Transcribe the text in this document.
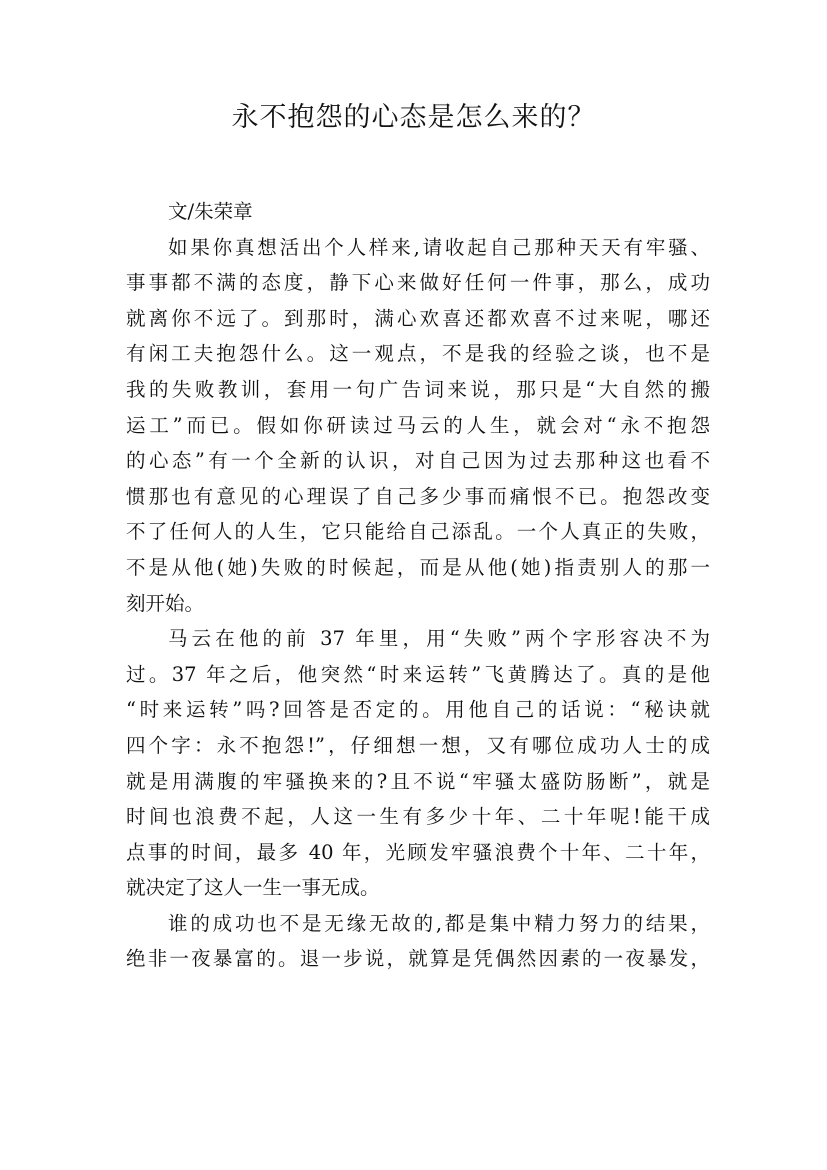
永不抱怨的心态是怎么来的？
文/朱荣章
如果你真想活出个人样来,请收起自己那种天天有牢骚、
事事都不满的态度，静下心来做好任何一件事，那么，成功
就离你不远了。到那时，满心欢喜还都欢喜不过来呢，哪还
有闲工夫抱怨什么。这一观点，不是我的经验之谈，也不是
我的失败教训，套用一句广告词来说，那只是“大自然的搬
运工”而已。假如你研读过马云的人生，就会对“永不抱怨
的心态”有一个全新的认识，对自己因为过去那种这也看不
惯那也有意见的心理误了自己多少事而痛恨不已。抱怨改变
不了任何人的人生，它只能给自己添乱。一个人真正的失败，
不是从他(她)失败的时候起，而是从他(她)指责别人的那一
刻开始。
马云在他的前 37 年里，用“失败”两个字形容决不为
过。37 年之后，他突然“时来运转”飞黄腾达了。真的是他
“时来运转”吗?回答是否定的。用他自己的话说：“秘诀就
四个字：永不抱怨!”，仔细想一想，又有哪位成功人士的成
就是用满腹的牢骚换来的?且不说“牢骚太盛防肠断”，就是
时间也浪费不起，人这一生有多少十年、二十年呢!能干成
点事的时间，最多 40 年，光顾发牢骚浪费个十年、二十年，
就决定了这人一生一事无成。
谁的成功也不是无缘无故的,都是集中精力努力的结果，
绝非一夜暴富的。退一步说，就算是凭偶然因素的一夜暴发，
